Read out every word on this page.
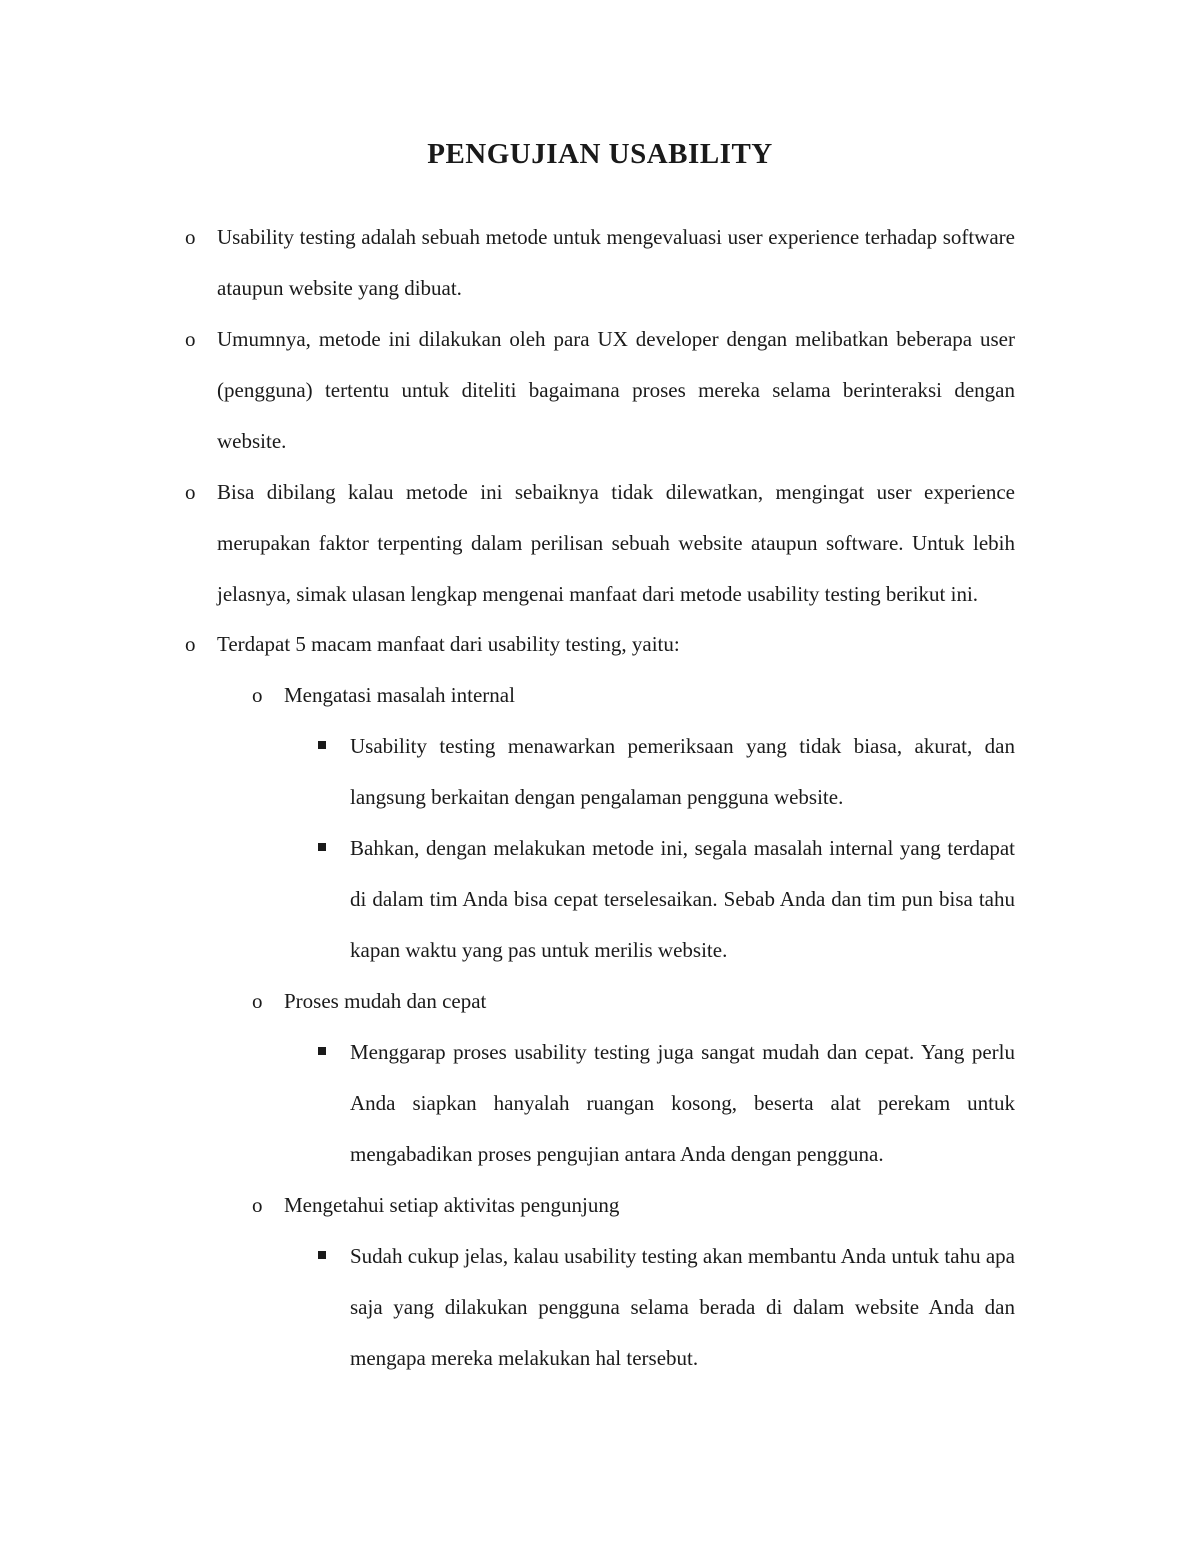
PENGUJIAN USABILITY
o
Usability testing adalah sebuah metode untuk mengevaluasi user experience terhadap software ataupun website yang dibuat.
o
Umumnya, metode ini dilakukan oleh para UX developer dengan melibatkan beberapa user (pengguna) tertentu untuk diteliti bagaimana proses mereka selama berinteraksi dengan website.
o
Bisa dibilang kalau metode ini sebaiknya tidak dilewatkan, mengingat user experience merupakan faktor terpenting dalam perilisan sebuah website ataupun software. Untuk lebih jelasnya, simak ulasan lengkap mengenai manfaat dari metode usability testing berikut ini.
o
Terdapat 5 macam manfaat dari usability testing, yaitu:
o
Mengatasi masalah internal
Usability testing menawarkan pemeriksaan yang tidak biasa, akurat, dan langsung berkaitan dengan pengalaman pengguna website.
Bahkan, dengan melakukan metode ini, segala masalah internal yang terdapat di dalam tim Anda bisa cepat terselesaikan. Sebab Anda dan tim pun bisa tahu kapan waktu yang pas untuk merilis website.
o
Proses mudah dan cepat
Menggarap proses usability testing juga sangat mudah dan cepat. Yang perlu Anda siapkan hanyalah ruangan kosong, beserta alat perekam untuk mengabadikan proses pengujian antara Anda dengan pengguna.
o
Mengetahui setiap aktivitas pengunjung
Sudah cukup jelas, kalau usability testing akan membantu Anda untuk tahu apa saja yang dilakukan pengguna selama berada di dalam website Anda dan mengapa mereka melakukan hal tersebut.
